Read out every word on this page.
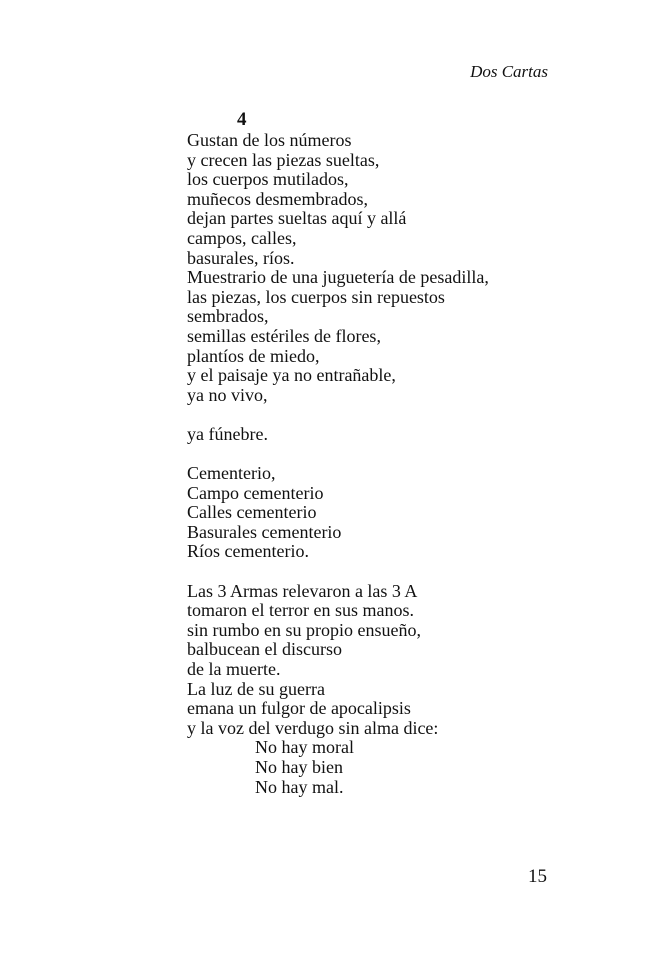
Dos Cartas
4
Gustan de los números
y crecen las piezas sueltas,
los cuerpos mutilados,
muñecos desmembrados,
dejan partes sueltas aquí y allá
campos, calles,
basurales, ríos.
Muestrario de una juguetería de pesadilla,
las piezas, los cuerpos sin repuestos
sembrados,
semillas estériles de flores,
plantíos de miedo,
y el paisaje ya no entrañable,
ya no vivo,
ya fúnebre.
Cementerio,
Campo cementerio
Calles cementerio
Basurales cementerio
Ríos cementerio.
Las 3 Armas relevaron a las 3 A
tomaron el terror en sus manos.
sin rumbo en su propio ensueño,
balbucean el discurso
de la muerte.
La luz de su guerra
emana un fulgor de apocalipsis
y la voz del verdugo sin alma dice:
No hay moral
No hay bien
No hay mal.
15
